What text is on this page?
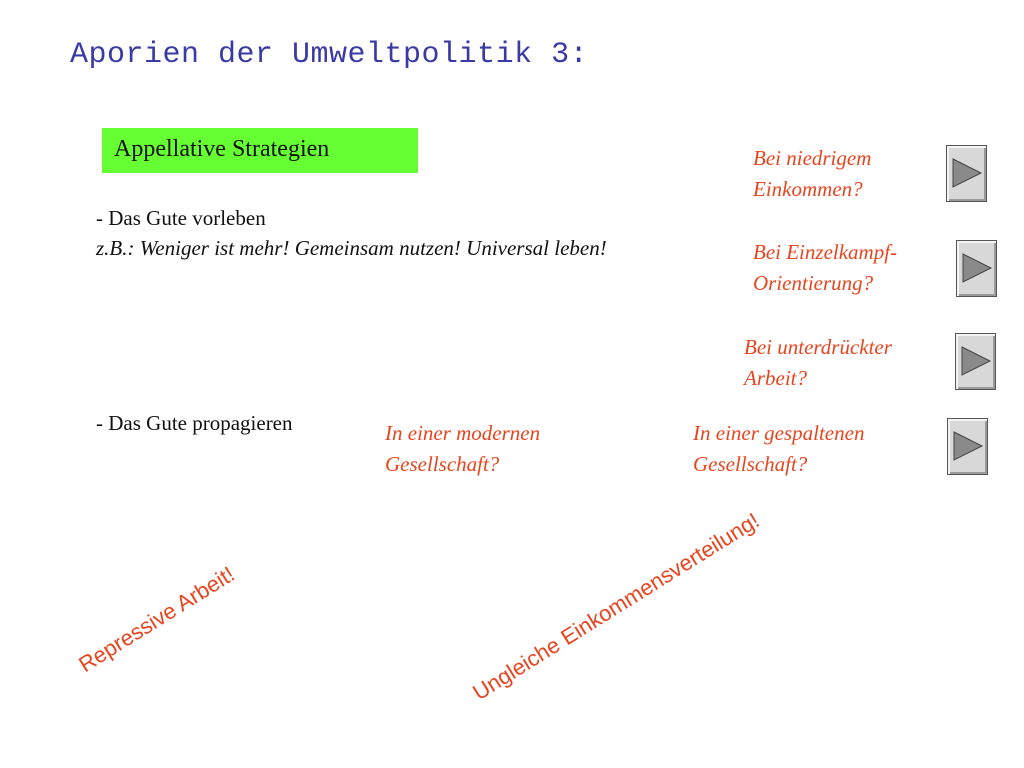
Aporien der Umweltpolitik 3:
Appellative Strategien
- Das Gute vorleben
z.B.: Weniger ist mehr! Gemeinsam nutzen! Universal leben!
- Das Gute propagieren
Bei niedrigem
Einkommen?
Bei Einzelkampf-
Orientierung?
Bei unterdrückter
Arbeit?
In einer modernen
Gesellschaft?
In einer gespaltenen
Gesellschaft?
Repressive Arbeit!	Ungleiche Einkommensverteilung!
